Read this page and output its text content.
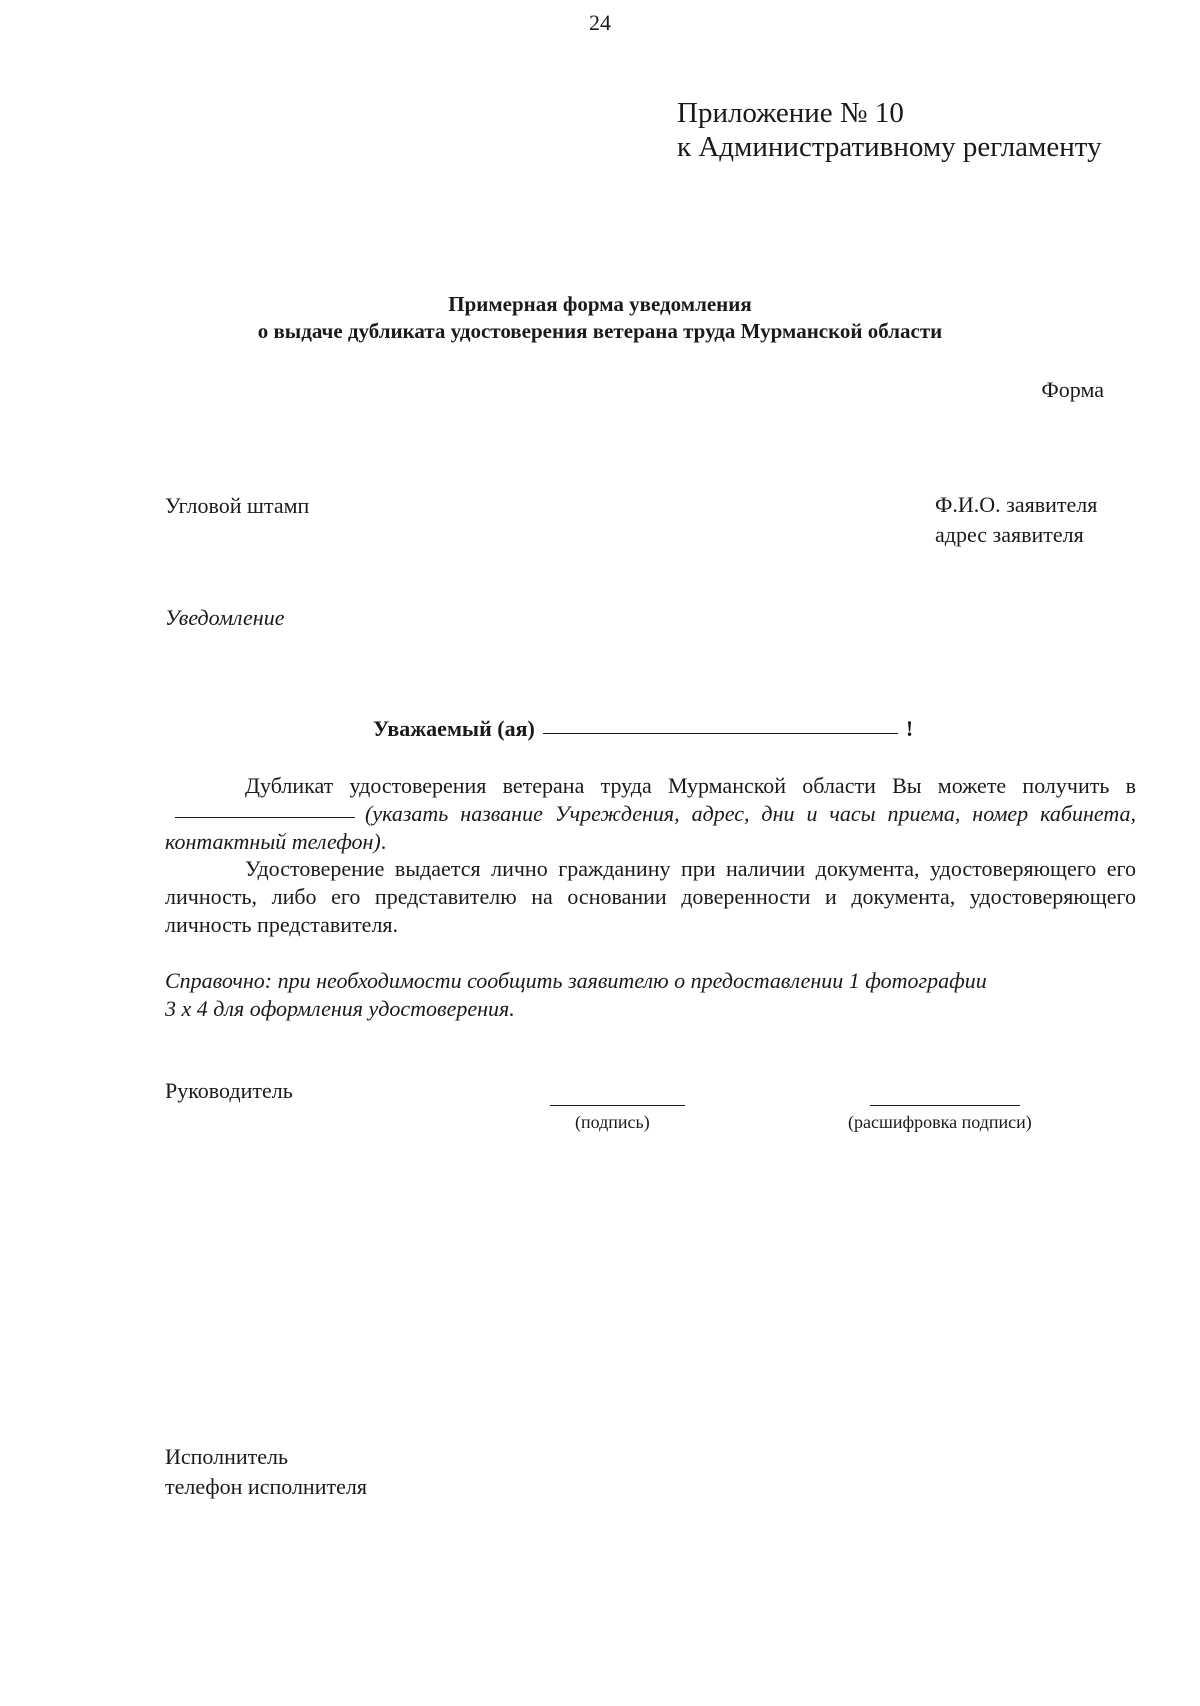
24
Приложение № 10
к Административному регламенту
Примерная форма уведомления
о выдаче дубликата удостоверения ветерана труда Мурманской области
Форма
Угловой штамп	Ф.И.О. заявителя
адрес заявителя
Уведомление
Уважаемый (ая)	!
Дубликат удостоверения ветерана труда Мурманской области Вы можете получить в(указать название Учреждения, адрес, дни и часы приема, номер кабинета, контактный телефон).
Удостоверение выдается лично гражданину при наличии документа, удостоверяющего его личность, либо его представителю на основании доверенности и документа, удостоверяющего личность представителя.
Справочно: при необходимости сообщить заявителю о предоставлении 1 фотографии
3 х 4 для оформления удостоверения.
Руководитель
(подпись)	(расшифровка подписи)
Исполнитель
телефон исполнителя
